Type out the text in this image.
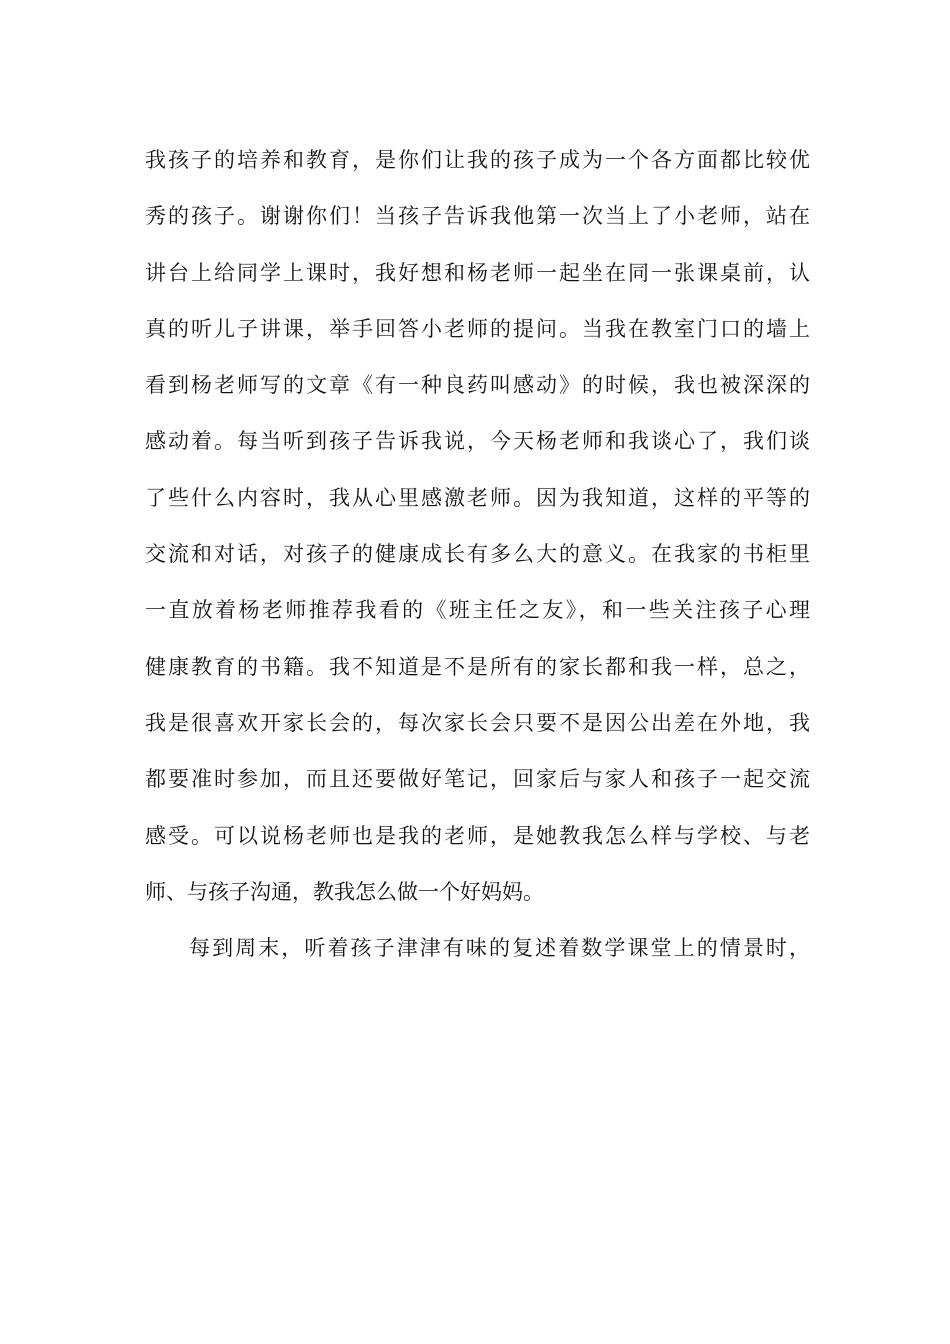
我孩子的培养和教育，是你们让我的孩子成为一个各方面都比较优
秀的孩子。谢谢你们！当孩子告诉我他第一次当上了小老师，站在
讲台上给同学上课时，我好想和杨老师一起坐在同一张课桌前，认
真的听儿子讲课，举手回答小老师的提问。当我在教室门口的墙上
看到杨老师写的文章《有一种良药叫感动》的时候，我也被深深的
感动着。每当听到孩子告诉我说，今天杨老师和我谈心了，我们谈
了些什么内容时，我从心里感激老师。因为我知道，这样的平等的
交流和对话，对孩子的健康成长有多么大的意义。在我家的书柜里
一直放着杨老师推荐我看的《班主任之友》，和一些关注孩子心理
健康教育的书籍。我不知道是不是所有的家长都和我一样，总之，
我是很喜欢开家长会的，每次家长会只要不是因公出差在外地，我
都要准时参加，而且还要做好笔记，回家后与家人和孩子一起交流
感受。可以说杨老师也是我的老师，是她教我怎么样与学校、与老
师、与孩子沟通，教我怎么做一个好妈妈。
每到周末，听着孩子津津有味的复述着数学课堂上的情景时，
